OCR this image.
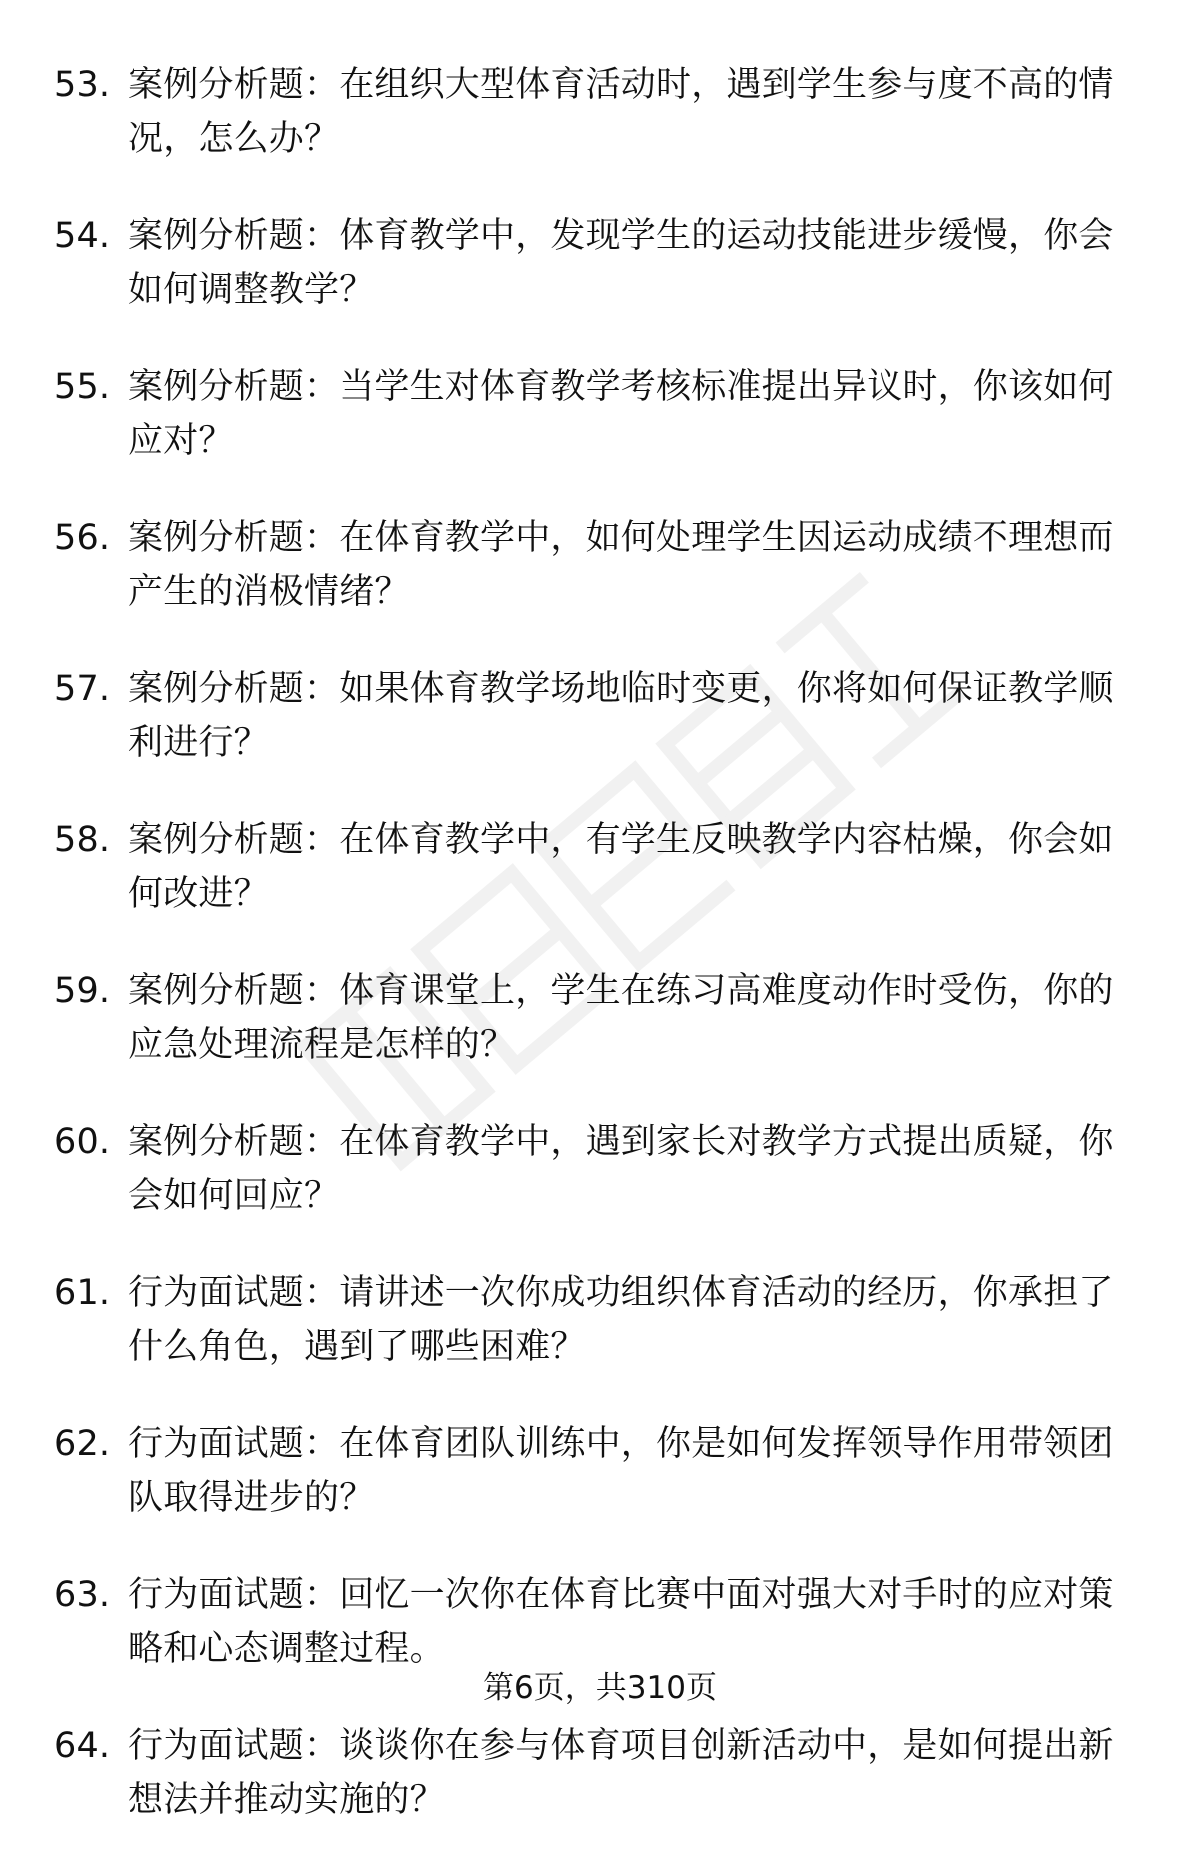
53. 案例分析题：在组织大型体育活动时，遇到学生参与度不高的情况，怎么办？
54. 案例分析题：体育教学中，发现学生的运动技能进步缓慢，你会如何调整教学？
55. 案例分析题：当学生对体育教学考核标准提出异议时，你该如何应对？
56. 案例分析题：在体育教学中，如何处理学生因运动成绩不理想而产生的消极情绪？
57. 案例分析题：如果体育教学场地临时变更，你将如何保证教学顺利进行？
58. 案例分析题：在体育教学中，有学生反映教学内容枯燥，你会如何改进？
59. 案例分析题：体育课堂上，学生在练习高难度动作时受伤，你的应急处理流程是怎样的？
60. 案例分析题：在体育教学中，遇到家长对教学方式提出质疑，你会如何回应？
61. 行为面试题：请讲述一次你成功组织体育活动的经历，你承担了什么角色，遇到了哪些困难？
62. 行为面试题：在体育团队训练中，你是如何发挥领导作用带领团队取得进步的？
63. 行为面试题：回忆一次你在体育比赛中面对强大对手时的应对策略和心态调整过程。
64. 行为面试题：谈谈你在参与体育项目创新活动中，是如何提出新想法并推动实施的？
第6页，共310页
